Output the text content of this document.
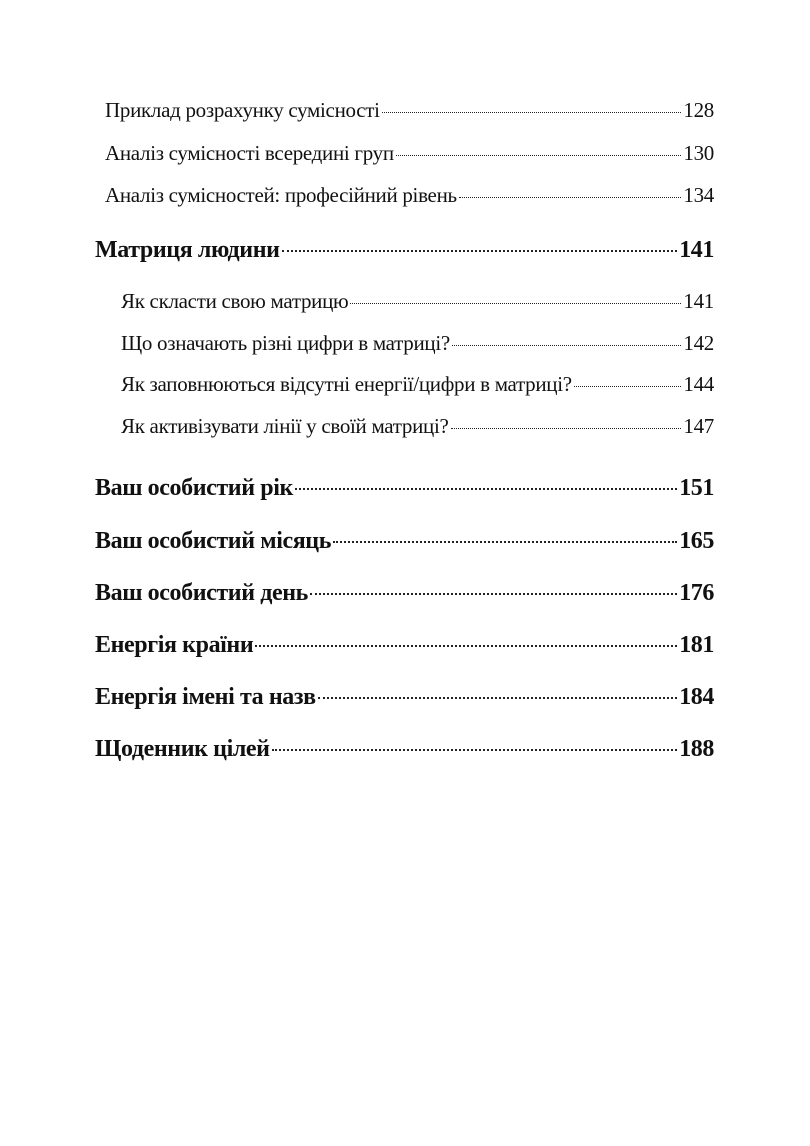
Приклад розрахунку сумісності	128
Аналіз сумісності всередині груп	130
Аналіз сумісностей: професійний рівень	134
Матриця людини	141
Як скласти свою матрицю	141
Що означають різні цифри в матриці?	142
Як заповнюються відсутні енергії/цифри в матриці?	144
Як активізувати лінії у своїй матриці?	147
Ваш особистий рік	151
Ваш особистий місяць	165
Ваш особистий день	176
Енергія країни	181
Енергія імені та назв	184
Щоденник цілей	188
